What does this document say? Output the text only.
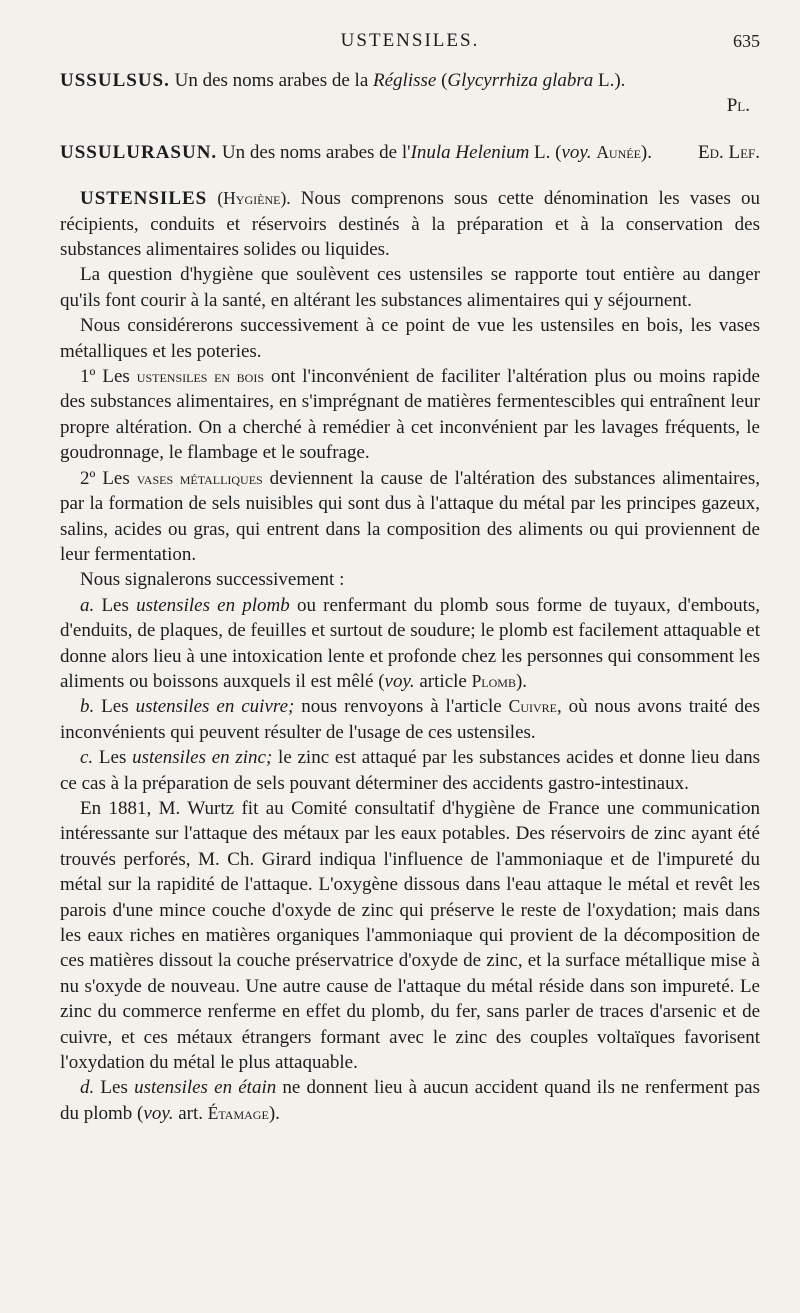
USTENSILES.	635

USSULSUS. Un des noms arabes de la Réglisse (Glycyrrhiza glabra L.).

Pl.

USSULURASUN. Un des noms arabes de l'Inula Helenium L. (voy. Aunée). Ed. Lef.

USTENSILES (Hygiène). Nous comprenons sous cette dénomination les vases ou récipients, conduits et réservoirs destinés à la préparation et à la conservation des substances alimentaires solides ou liquides.

La question d'hygiène que soulèvent ces ustensiles se rapporte tout entière au danger qu'ils font courir à la santé, en altérant les substances alimentaires qui y séjournent.

Nous considérerons successivement à ce point de vue les ustensiles en bois, les vases métalliques et les poteries.

1º Les ustensiles en bois ont l'inconvénient de faciliter l'altération plus ou moins rapide des substances alimentaires, en s'imprégnant de matières fermentescibles qui entraînent leur propre altération. On a cherché à remédier à cet inconvénient par les lavages fréquents, le goudronnage, le flambage et le soufrage.

2º Les vases métalliques deviennent la cause de l'altération des substances alimentaires, par la formation de sels nuisibles qui sont dus à l'attaque du métal par les principes gazeux, salins, acides ou gras, qui entrent dans la composition des aliments ou qui proviennent de leur fermentation.

Nous signalerons successivement :

a. Les ustensiles en plomb ou renfermant du plomb sous forme de tuyaux, d'embouts, d'enduits, de plaques, de feuilles et surtout de soudure; le plomb est facilement attaquable et donne alors lieu à une intoxication lente et profonde chez les personnes qui consomment les aliments ou boissons auxquels il est mêlé (voy. article Plomb).

b. Les ustensiles en cuivre; nous renvoyons à l'article Cuivre, où nous avons traité des inconvénients qui peuvent résulter de l'usage de ces ustensiles.

c. Les ustensiles en zinc; le zinc est attaqué par les substances acides et donne lieu dans ce cas à la préparation de sels pouvant déterminer des accidents gastro-intestinaux.

En 1881, M. Wurtz fit au Comité consultatif d'hygiène de France une communication intéressante sur l'attaque des métaux par les eaux potables. Des réservoirs de zinc ayant été trouvés perforés, M. Ch. Girard indiqua l'influence de l'ammoniaque et de l'impureté du métal sur la rapidité de l'attaque. L'oxygène dissous dans l'eau attaque le métal et revêt les parois d'une mince couche d'oxyde de zinc qui préserve le reste de l'oxydation; mais dans les eaux riches en matières organiques l'ammoniaque qui provient de la décomposition de ces matières dissout la couche préservatrice d'oxyde de zinc, et la surface métallique mise à nu s'oxyde de nouveau. Une autre cause de l'attaque du métal réside dans son impureté. Le zinc du commerce renferme en effet du plomb, du fer, sans parler de traces d'arsenic et de cuivre, et ces métaux étrangers formant avec le zinc des couples voltaïques favorisent l'oxydation du métal le plus attaquable.

d. Les ustensiles en étain ne donnent lieu à aucun accident quand ils ne renferment pas du plomb (voy. art. Étamage).
